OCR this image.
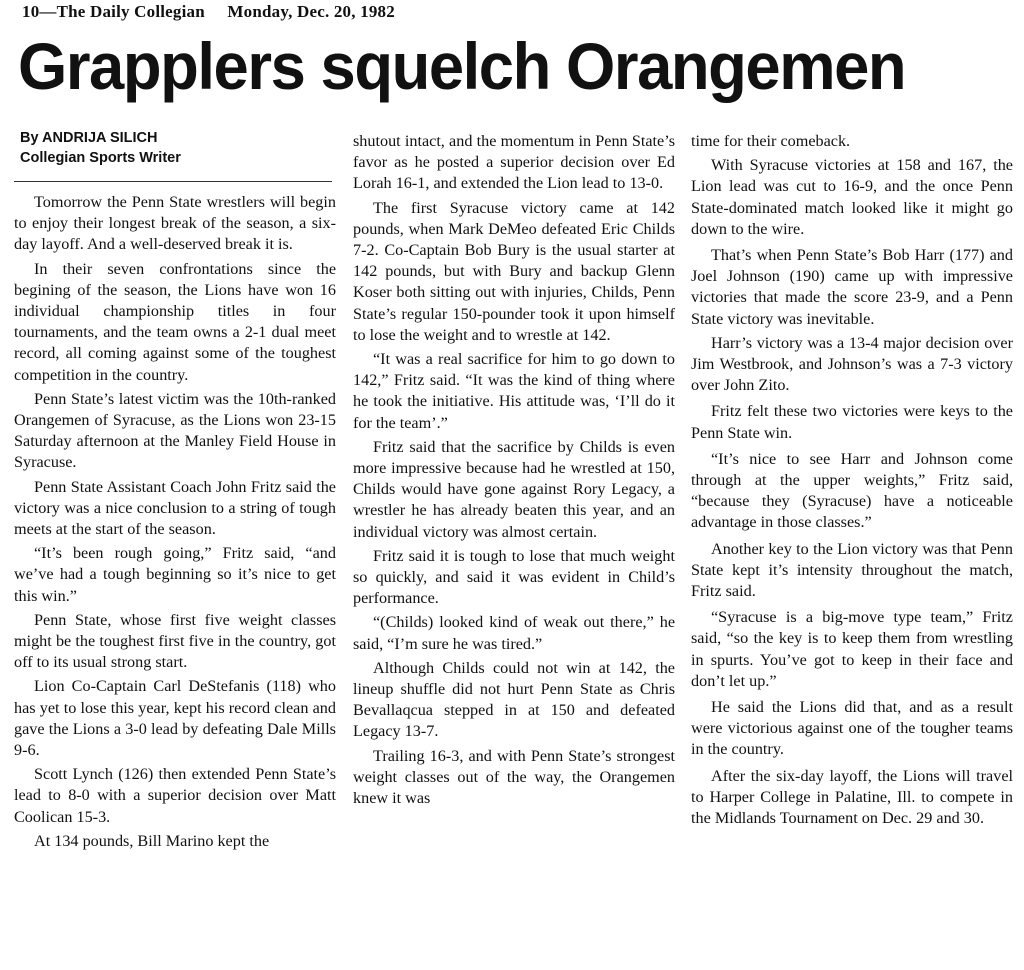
10—The Daily Collegian Monday, Dec. 20, 1982
Grapplers squelch Orangemen
By ANDRIJA SILICH
Collegian Sports Writer

Tomorrow the Penn State wrestlers will begin to enjoy their longest break of the season, a six-day layoff. And a well-deserved break it is.

In their seven confrontations since the begining of the season, the Lions have won 16 individual championship titles in four tournaments, and the team owns a 2-1 dual meet record, all coming against some of the toughest competition in the country.

Penn State’s latest victim was the 10th-ranked Orangemen of Syracuse, as the Lions won 23-15 Saturday afternoon at the Manley Field House in Syracuse.

Penn State Assistant Coach John Fritz said the victory was a nice conclusion to a string of tough meets at the start of the season.

“It’s been rough going,” Fritz said, “and we’ve had a tough beginning so it’s nice to get this win.”

Penn State, whose first five weight classes might be the toughest first five in the country, got off to its usual strong start.

Lion Co-Captain Carl DeStefanis (118) who has yet to lose this year, kept his record clean and gave the Lions a 3-0 lead by defeating Dale Mills 9-6.

Scott Lynch (126) then extended Penn State’s lead to 8-0 with a superior decision over Matt Coolican 15-3.

At 134 pounds, Bill Marino kept the

shutout intact, and the momentum in Penn State’s favor as he posted a superior decision over Ed Lorah 16-1, and extended the Lion lead to 13-0.

The first Syracuse victory came at 142 pounds, when Mark DeMeo defeated Eric Childs 7-2. Co-Captain Bob Bury is the usual starter at 142 pounds, but with Bury and backup Glenn Koser both sitting out with injuries, Childs, Penn State’s regular 150-pounder took it upon himself to lose the weight and to wrestle at 142.

“It was a real sacrifice for him to go down to 142,” Fritz said. “It was the kind of thing where he took the initiative. His attitude was, ‘I’ll do it for the team’.”

Fritz said that the sacrifice by Childs is even more impressive because had he wrestled at 150, Childs would have gone against Rory Legacy, a wrestler he has already beaten this year, and an individual victory was almost certain.

Fritz said it is tough to lose that much weight so quickly, and said it was evident in Child’s performance.

“(Childs) looked kind of weak out there,” he said, “I’m sure he was tired.”

Although Childs could not win at 142, the lineup shuffle did not hurt Penn State as Chris Bevallaqcua stepped in at 150 and defeated Legacy 13-7.

Trailing 16-3, and with Penn State’s strongest weight classes out of the way, the Orangemen knew it was

time for their comeback.

With Syracuse victories at 158 and 167, the Lion lead was cut to 16-9, and the once Penn State-dominated match looked like it might go down to the wire.

That’s when Penn State’s Bob Harr (177) and Joel Johnson (190) came up with impressive victories that made the score 23-9, and a Penn State victory was inevitable.

Harr’s victory was a 13-4 major decision over Jim Westbrook, and Johnson’s was a 7-3 victory over John Zito.

Fritz felt these two victories were keys to the Penn State win.

“It’s nice to see Harr and Johnson come through at the upper weights,” Fritz said, “because they (Syracuse) have a noticeable advantage in those classes.”

Another key to the Lion victory was that Penn State kept it’s intensity throughout the match, Fritz said.

“Syracuse is a big-move type team,” Fritz said, “so the key is to keep them from wrestling in spurts. You’ve got to keep in their face and don’t let up.”

He said the Lions did that, and as a result were victorious against one of the tougher teams in the country.

After the six-day layoff, the Lions will travel to Harper College in Palatine, Ill. to compete in the Midlands Tournament on Dec. 29 and 30.
